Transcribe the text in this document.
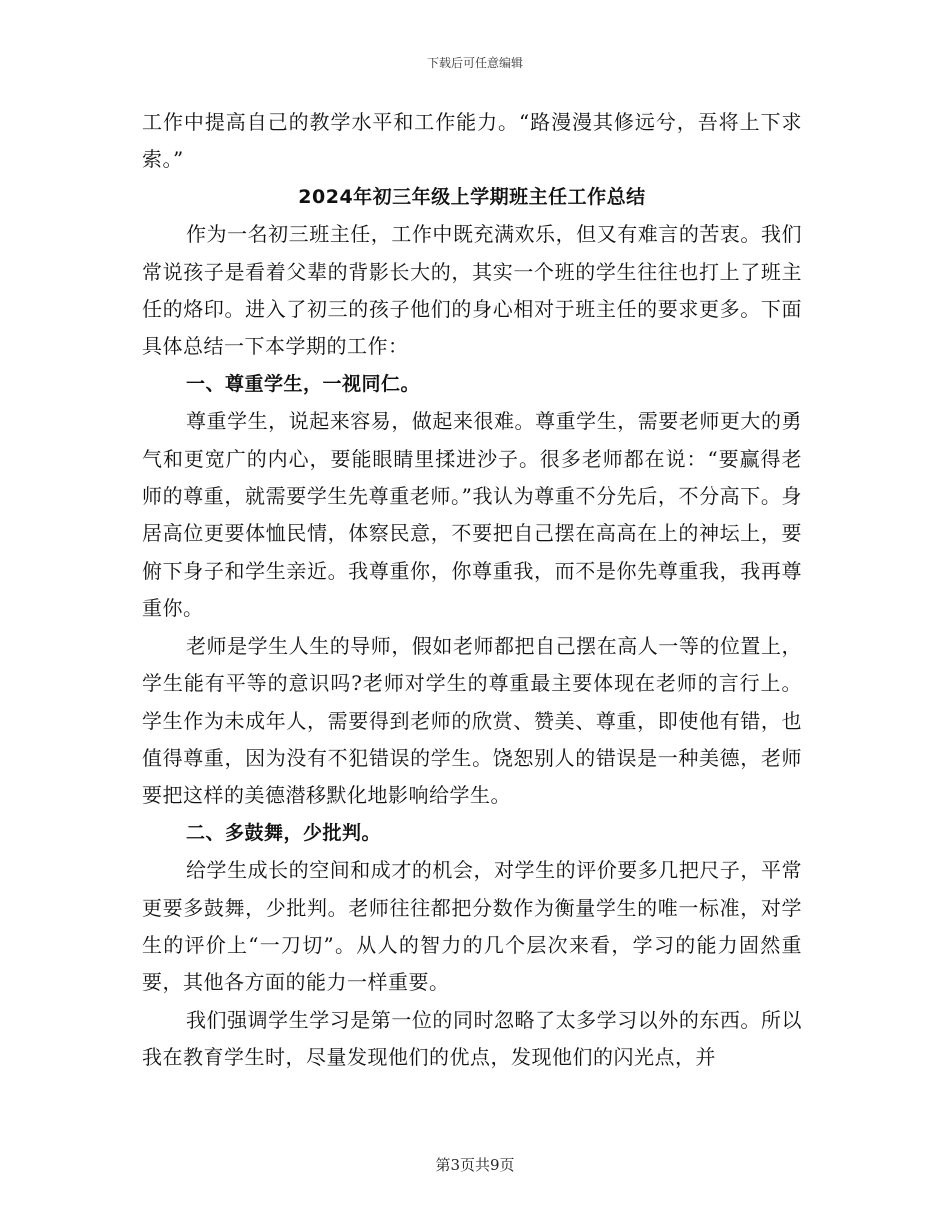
下载后可任意编辑

工作中提高自己的教学水平和工作能力。“路漫漫其修远兮，吾将上下求索。”

2024年初三年级上学期班主任工作总结

作为一名初三班主任，工作中既充满欢乐，但又有难言的苦衷。我们常说孩子是看着父辈的背影长大的，其实一个班的学生往往也打上了班主任的烙印。进入了初三的孩子他们的身心相对于班主任的要求更多。下面具体总结一下本学期的工作：

一、尊重学生，一视同仁。

尊重学生，说起来容易，做起来很难。尊重学生，需要老师更大的勇气和更宽广的内心，要能眼睛里揉进沙子。很多老师都在说：“要赢得老师的尊重，就需要学生先尊重老师。”我认为尊重不分先后，不分高下。身居高位更要体恤民情，体察民意，不要把自己摆在高高在上的神坛上，要俯下身子和学生亲近。我尊重你，你尊重我，而不是你先尊重我，我再尊重你。

老师是学生人生的导师，假如老师都把自己摆在高人一等的位置上，学生能有平等的意识吗?老师对学生的尊重最主要体现在老师的言行上。学生作为未成年人，需要得到老师的欣赏、赞美、尊重，即使他有错，也值得尊重，因为没有不犯错误的学生。饶恕别人的错误是一种美德，老师要把这样的美德潜移默化地影响给学生。

二、多鼓舞，少批判。

给学生成长的空间和成才的机会，对学生的评价要多几把尺子，平常更要多鼓舞，少批判。老师往往都把分数作为衡量学生的唯一标准，对学生的评价上“一刀切”。从人的智力的几个层次来看，学习的能力固然重要，其他各方面的能力一样重要。

我们强调学生学习是第一位的同时忽略了太多学习以外的东西。所以我在教育学生时，尽量发现他们的优点，发现他们的闪光点，并

第3页共9页
